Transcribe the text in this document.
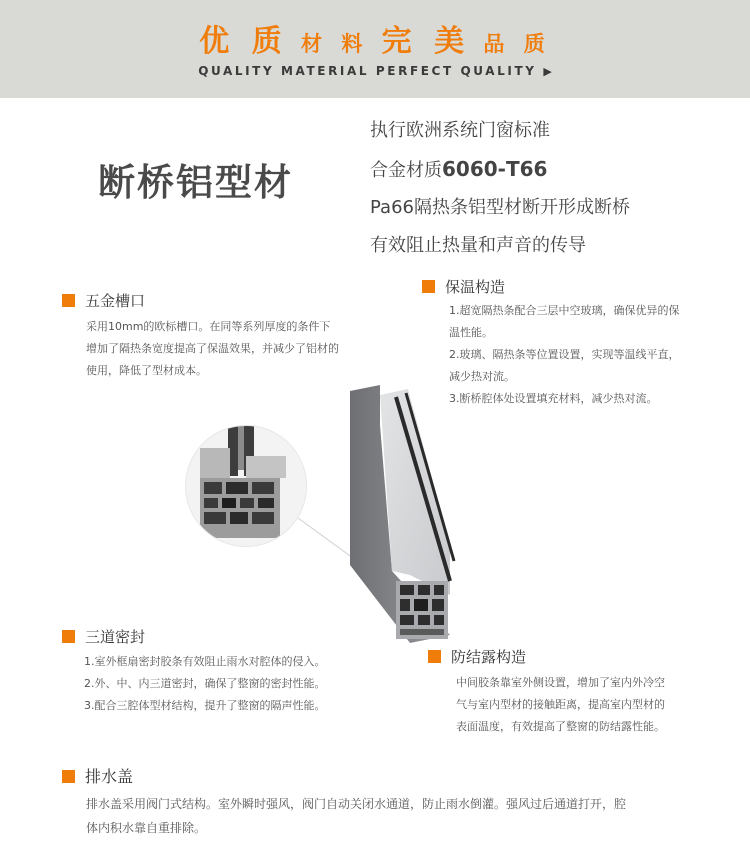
优 质 材 料 完 美 品 质
QUALITY MATERIAL PERFECT QUALITY ▶
断桥铝型材
执行欧洲系统门窗标准
合金材质6060-T66
Pa66隔热条铝型材断开形成断桥
有效阻止热量和声音的传导
五金槽口
采用10mm的欧标槽口。在同等系列厚度的条件下
增加了隔热条宽度提高了保温效果，并减少了铝材的
使用，降低了型材成本。
保温构造
1.超宽隔热条配合三层中空玻璃，确保优异的保
温性能。
2.玻璃、隔热条等位置设置，实现等温线平直，
减少热对流。
3.断桥腔体处设置填充材料，减少热对流。
三道密封
1.室外框扇密封胶条有效阻止雨水对腔体的侵入。
2.外、中、内三道密封，确保了整窗的密封性能。
3.配合三腔体型材结构，提升了整窗的隔声性能。
防结露构造
中间胶条靠室外侧设置，增加了室内外冷空
气与室内型材的接触距离，提高室内型材的
表面温度，有效提高了整窗的防结露性能。
排水盖
排水盖采用阀门式结构。室外瞬时强风，阀门自动关闭水通道，防止雨水倒灌。强风过后通道打开，腔
体内积水靠自重排除。
